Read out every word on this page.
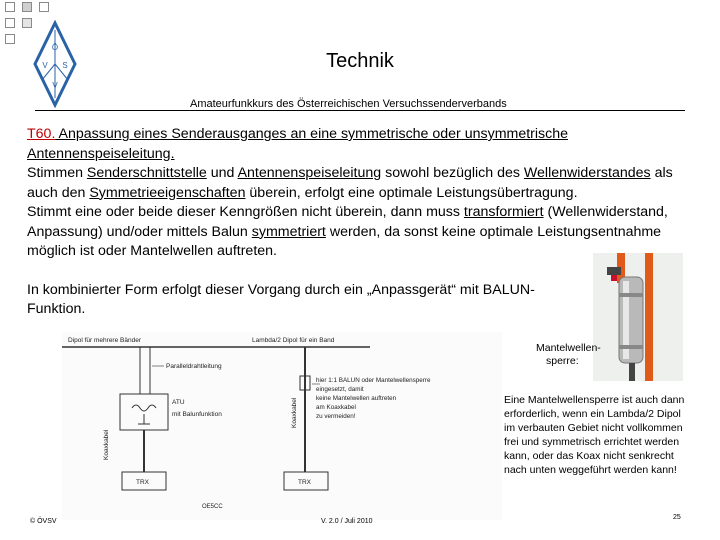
Ö
V S
V
Technik
Amateurfunkkurs des Österreichischen Versuchssenderverbands

T60. Anpassung eines Senderausganges an eine symmetrische oder unsymmetrische Antennenspeiseleitung.

Stimmen Senderschnittstelle und Antennenspeiseleitung sowohl bezüglich des Wellenwiderstandes als auch den Symmetrieeigenschaften überein, erfolgt eine optimale Leistungsübertragung.

Stimmt eine oder beide dieser Kenngrößen nicht überein, dann muss transformiert (Wellenwiderstand, Anpassung) und/oder mittels Balun symmetriert werden, da sonst keine optimale Leistungsentnahme möglich ist oder Mantelwellen auftreten.

In kombinierter Form erfolgt dieser Vorgang durch ein „Anpassgerät“ mit BALUN-Funktion.

Dipol für mehrere Bänder
Paralleldrahtleitung
ATU
mit Balunfunktion
Koaxkabel
TRX
Lambda/2 Dipol für ein Band
Koaxkabel
hier 1:1 BALUN oder Mantelwellensperre
eingesetzt, damit
keine Mantelwellen auftreten
am Koaxkabel
zu vermeiden!
TRX
OE5CC
Mantelwellen-
sperre:
Eine Mantelwellensperre ist auch dann erforderlich, wenn ein Lambda/2 Dipol im verbauten Gebiet nicht vollkommen frei und symmetrisch errichtet werden kann, oder das Koax nicht senkrecht nach unten weggeführt werden kann!
© ÖVSV	V. 2.0 / Juli 2010
25
